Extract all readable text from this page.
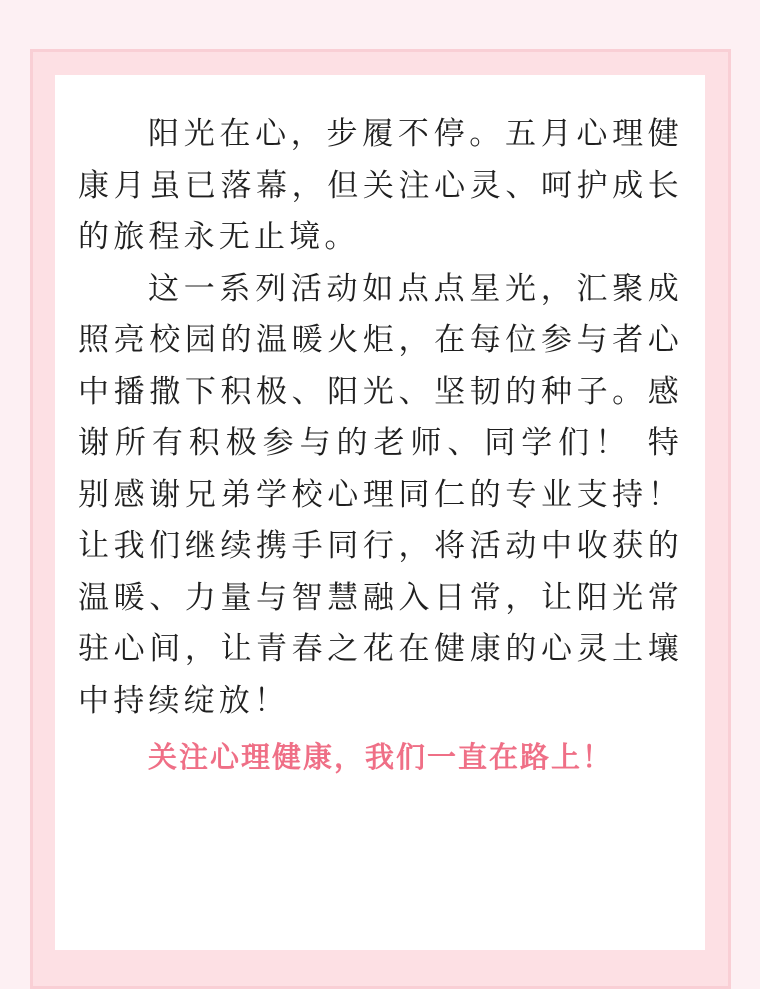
阳光在心，步履不停。五月心理健康月虽已落幕，但关注心灵、呵护成长的旅程永无止境。

这一系列活动如点点星光，汇聚成照亮校园的温暖火炬，在每位参与者心中播撒下积极、阳光、坚韧的种子。感谢所有积极参与的老师、同学们！ 特别感谢兄弟学校心理同仁的专业支持！让我们继续携手同行，将活动中收获的温暖、力量与智慧融入日常，让阳光常驻心间，让青春之花在健康的心灵土壤中持续绽放！

关注心理健康，我们一直在路上！
